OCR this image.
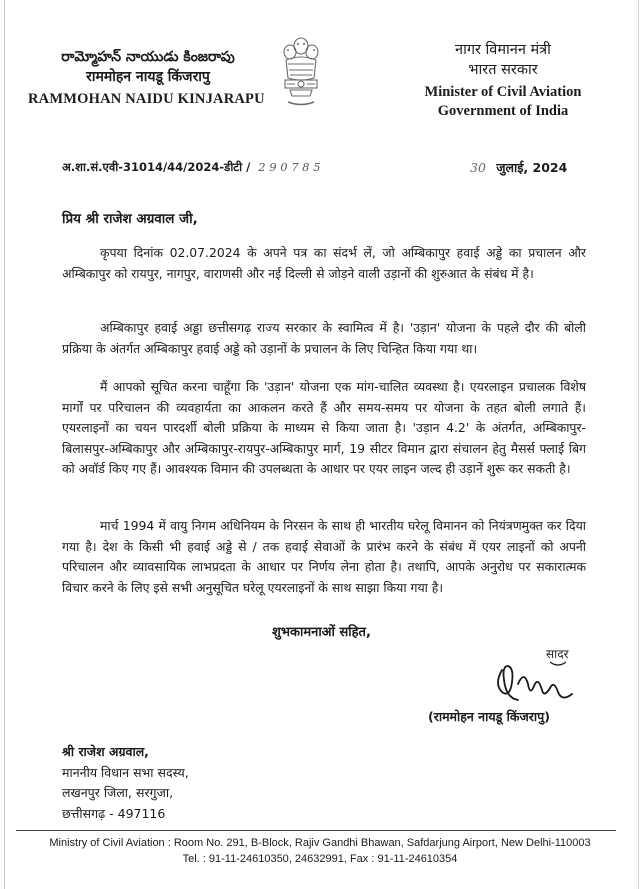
రామ్మోహన్ నాయుడు కింజరాపు
राममोहन नायडू किंजरापु
RAMMOHAN NAIDU KINJARAPU
नागर विमानन मंत्री
भारत सरकार
Minister of Civil Aviation
Government of India
अ.शा.सं.एवी-31014/44/2024-डीटी / 2 9 0 7 8 5	30 जुलाई, 2024
प्रिय श्री राजेश अग्रवाल जी,
कृपया दिनांक 02.07.2024 के अपने पत्र का संदर्भ लें, जो अम्बिकापुर हवाई अड्डे का प्रचालन और अम्बिकापुर को रायपुर, नागपुर, वाराणसी और नई दिल्ली से जोड़ने वाली उड़ानों की शुरुआत के संबंध में है।
अम्बिकापुर हवाई अड्डा छत्तीसगढ़ राज्य सरकार के स्वामित्व में है। 'उड़ान' योजना के पहले दौर की बोली प्रक्रिया के अंतर्गत अम्बिकापुर हवाई अड्डे को उड़ानों के प्रचालन के लिए चिन्हित किया गया था।
मैं आपको सूचित करना चाहूँगा कि 'उड़ान' योजना एक मांग-चालित व्यवस्था है। एयरलाइन प्रचालक विशेष मार्गों पर परिचालन की व्यवहार्यता का आकलन करते हैं और समय-समय पर योजना के तहत बोली लगाते हैं। एयरलाइनों का चयन पारदर्शी बोली प्रक्रिया के माध्यम से किया जाता है। 'उड़ान 4.2' के अंतर्गत, अम्बिकापुर-बिलासपुर-अम्बिकापुर और अम्बिकापुर-रायपुर-अम्बिकापुर मार्ग, 19 सीटर विमान द्वारा संचालन हेतु मैसर्स फ्लाई बिग को अवॉर्ड किए गए हैं। आवश्यक विमान की उपलब्धता के आधार पर एयर लाइन जल्द ही उड़ानें शुरू कर सकती है।
मार्च 1994 में वायु निगम अधिनियम के निरसन के साथ ही भारतीय घरेलू विमानन को नियंत्रणमुक्त कर दिया गया है। देश के किसी भी हवाई अड्डे से / तक हवाई सेवाओं के प्रारंभ करने के संबंध में एयर लाइनों को अपनी परिचालन और व्यावसायिक लाभप्रदता के आधार पर निर्णय लेना होता है। तथापि, आपके अनुरोध पर सकारात्मक विचार करने के लिए इसे सभी अनुसूचित घरेलू एयरलाइनों के साथ साझा किया गया है।
शुभकामनाओं सहित,
सादर
(राममोहन नायडू किंजरापु)
श्री राजेश अग्रवाल,
माननीय विधान सभा सदस्य,
लखनपुर जिला, सरगुजा,
छत्तीसगढ़ - 497116
Ministry of Civil Aviation : Room No. 291, B-Block, Rajiv Gandhi Bhawan, Safdarjung Airport, New Delhi-110003
Tel. : 91-11-24610350, 24632991, Fax : 91-11-24610354
